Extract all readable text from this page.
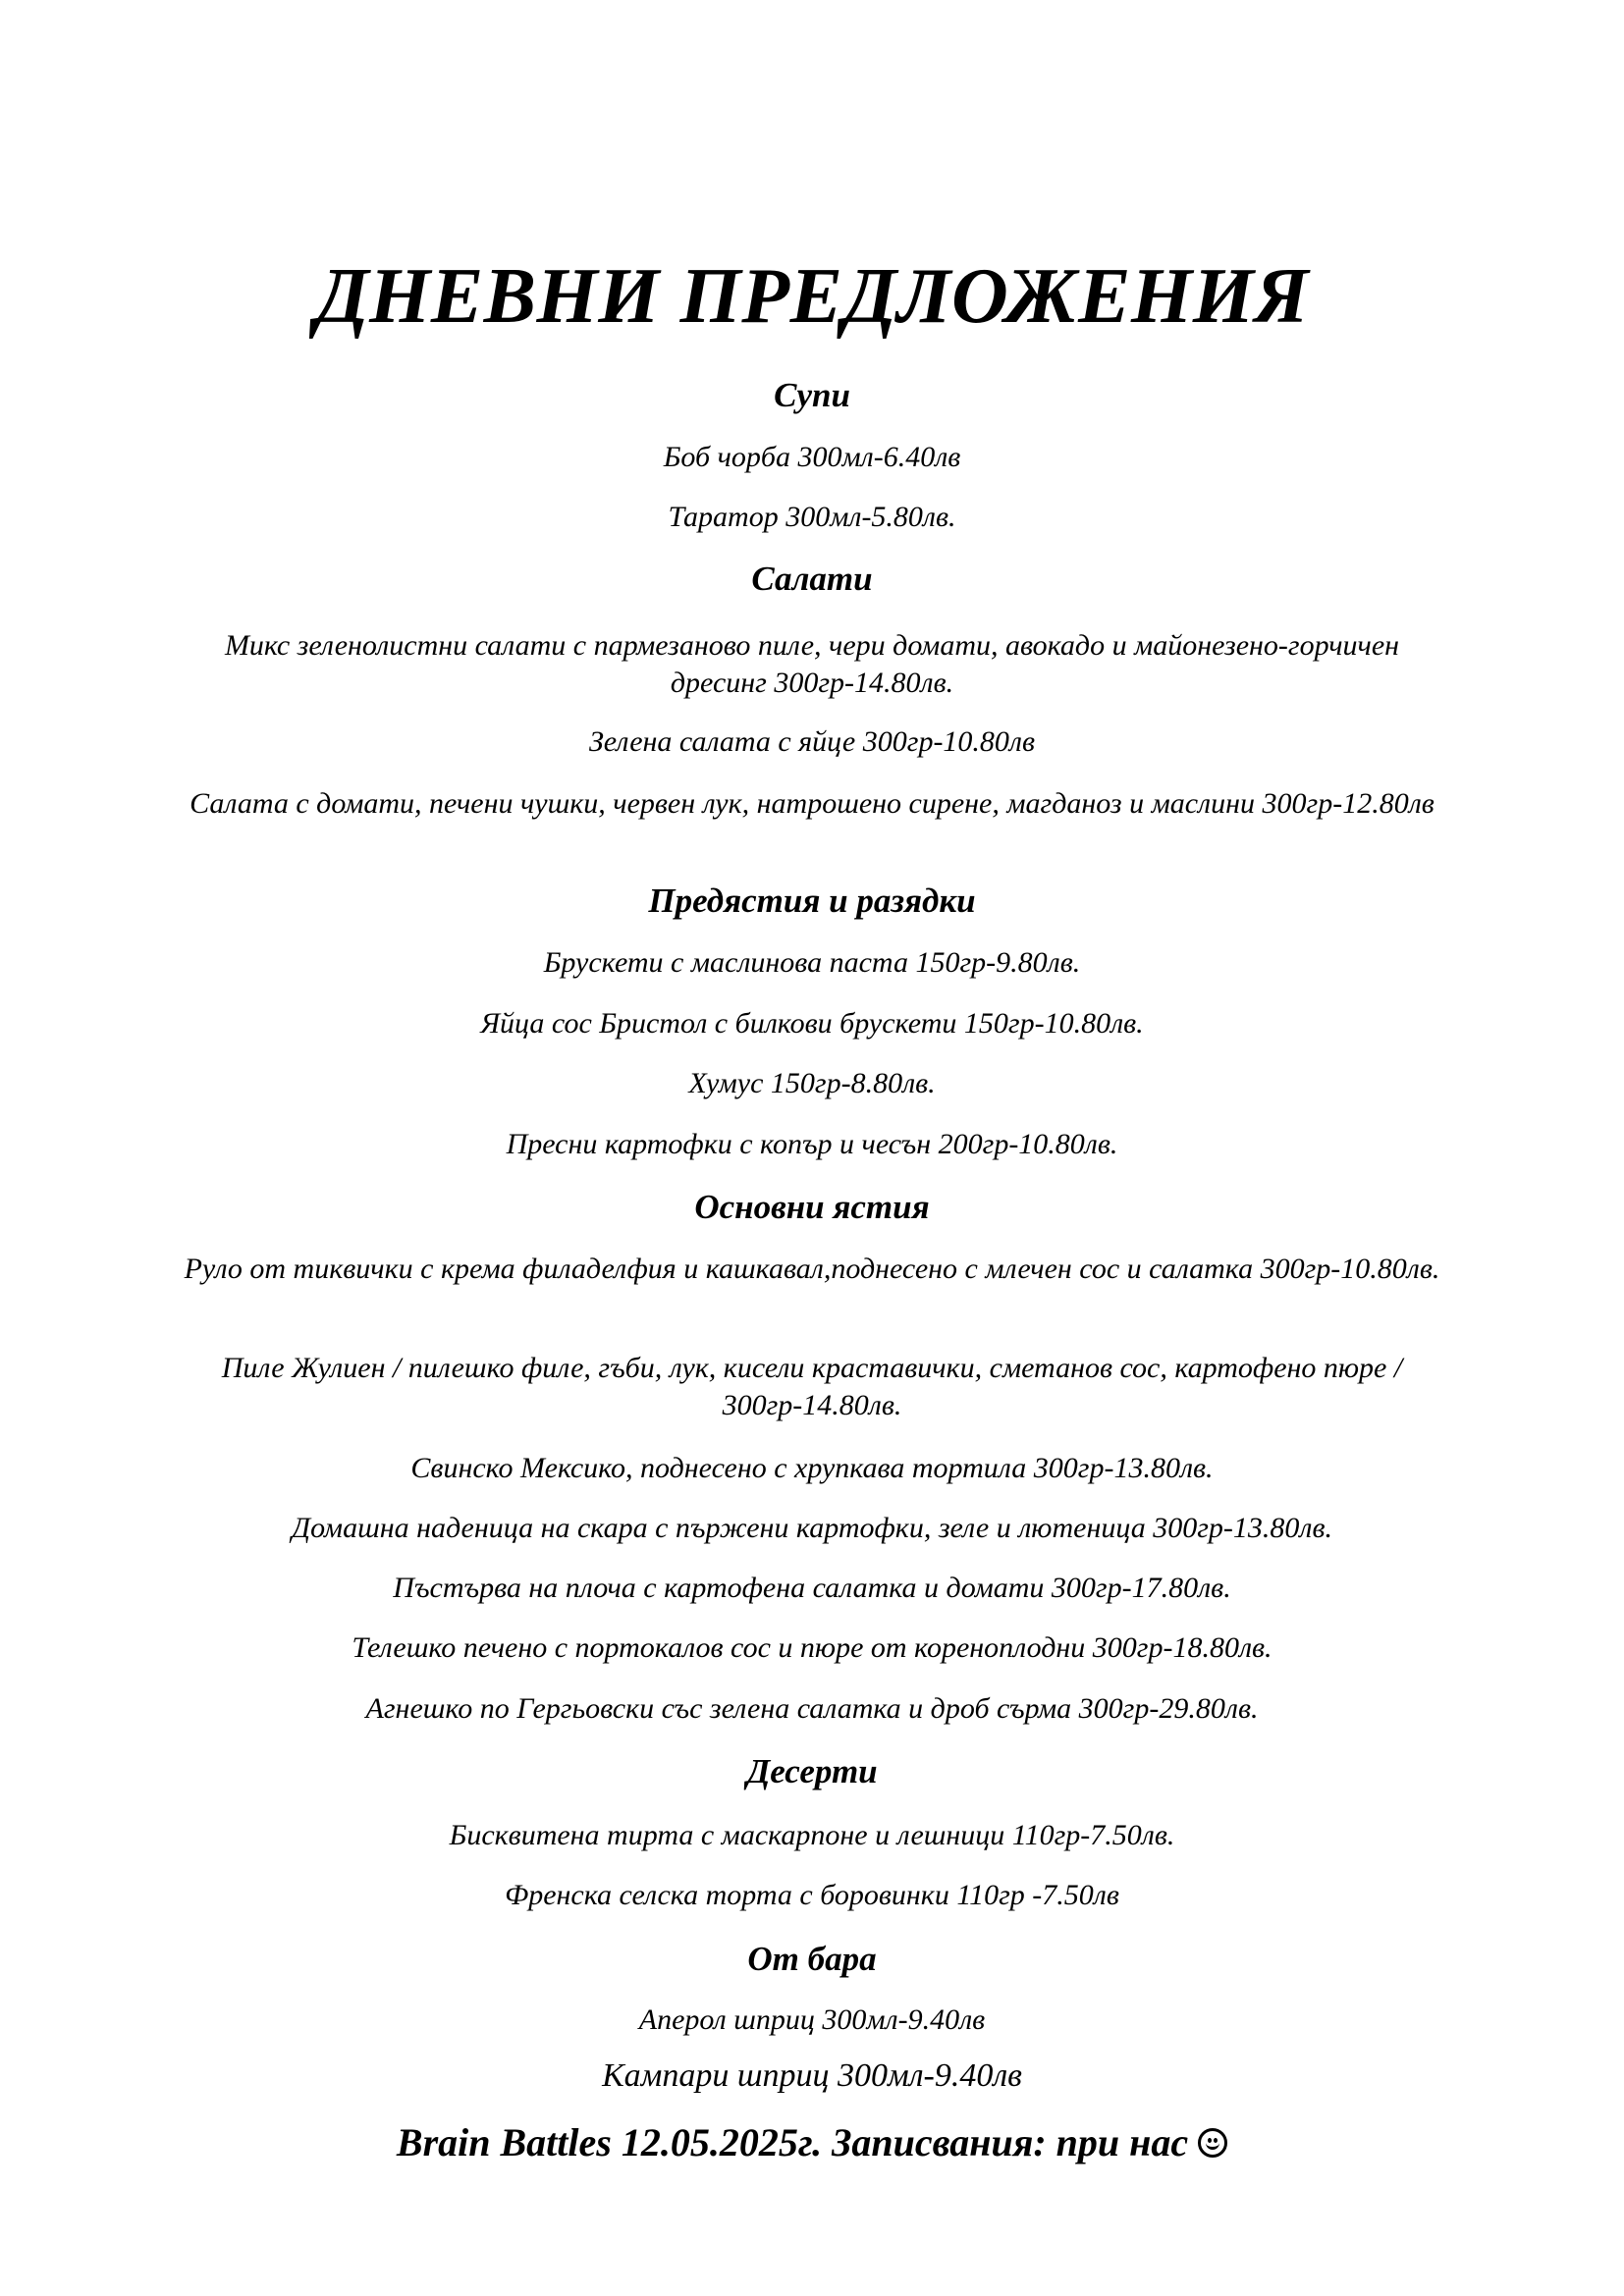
ДНЕВНИ ПРЕДЛОЖЕНИЯ
Супи

Боб чорба 300мл-6.40лв

Таратор 300мл-5.80лв.

Салати

Микс зеленолистни салати с пармезаново пиле, чери домати, авокадо и майонезено-горчичен дресинг 300гр-14.80лв.

Зелена салата с яйце 300гр-10.80лв

Салата с домати, печени чушки, червен лук, натрошено сирене, магданоз и маслини 300гр-12.80лв

Предястия и разядки

Брускети с маслинова паста 150гр-9.80лв.

Яйца сос Бристол с билкови брускети 150гр-10.80лв.

Хумус 150гр-8.80лв.

Пресни картофки с копър и чесън 200гр-10.80лв.

Основни ястия

Руло от тиквички с крема филаделфия и кашкавал,поднесено с млечен сос и салатка 300гр-10.80лв.

Пиле Жулиен / пилешко филе, гъби, лук, кисели краставички, сметанов сос, картофено пюре / 300гр-14.80лв.

Свинско Мексико, поднесено с хрупкава тортила 300гр-13.80лв.

Домашна наденица на скара с пържени картофки, зеле и лютеница 300гр-13.80лв.

Пъстърва на плоча с картофена салатка и домати 300гр-17.80лв.

Телешко печено с портокалов сос и пюре от кореноплодни 300гр-18.80лв.

Агнешко по Гергьовски със зелена салатка и дроб сърма 300гр-29.80лв.

Десерти

Бисквитена тирта с маскарпоне и лешници 110гр-7.50лв.

Френска селска торта с боровинки 110гр -7.50лв

От бара

Аперол шприц 300мл-9.40лв

Кампари шприц 300мл-9.40лв

Brain Battles 12.05.2025г. Записвания: при нас
